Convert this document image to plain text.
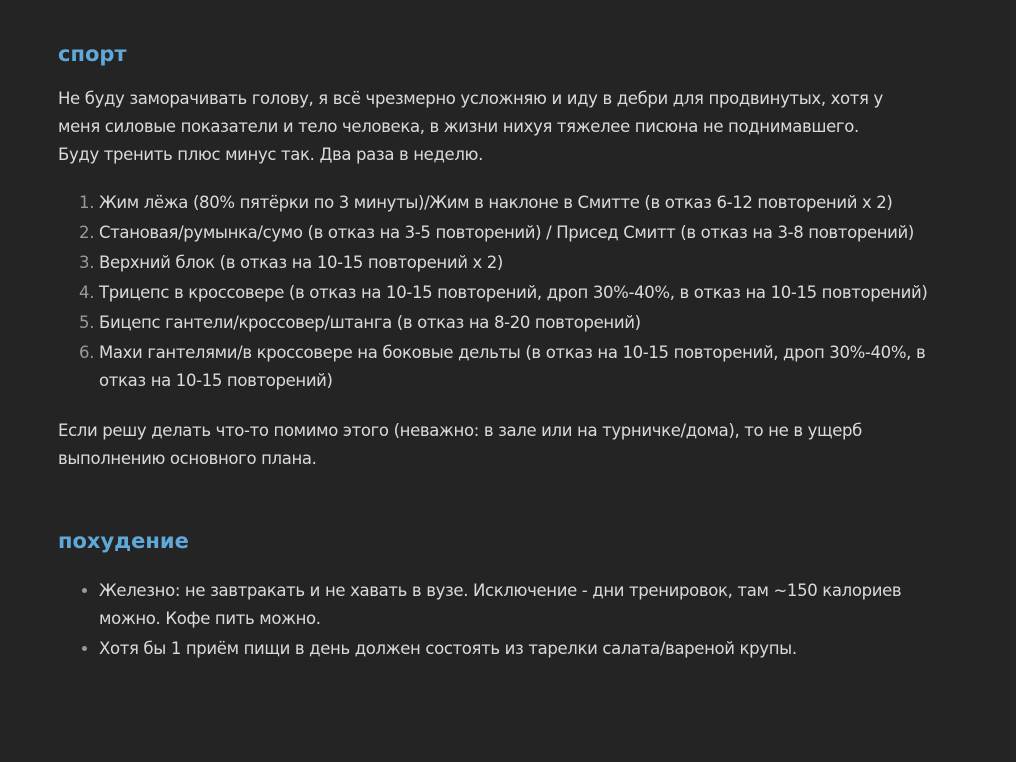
спорт

Не буду заморачивать голову, я всё чрезмерно усложняю и иду в дебри для продвинутых, хотя у
меня силовые показатели и тело человека, в жизни нихуя тяжелее писюна не поднимавшего.
Буду тренить плюс минус так. Два раза в неделю.

1. Жим лёжа (80% пятёрки по 3 минуты)/Жим в наклоне в Смитте (в отказ 6-12 повторений х 2)
2. Становая/румынка/сумо (в отказ на 3-5 повторений) / Присед Смитт (в отказ на 3-8 повторений)
3. Верхний блок (в отказ на 10-15 повторений х 2)
4. Трицепс в кроссовере (в отказ на 10-15 повторений, дроп 30%-40%, в отказ на 10-15 повторений)
5. Бицепс гантели/кроссовер/штанга (в отказ на 8-20 повторений)
6. Махи гантелями/в кроссовере на боковые дельты (в отказ на 10-15 повторений, дроп 30%-40%, в отказ на 10-15 повторений)

Если решу делать что-то помимо этого (неважно: в зале или на турничке/дома), то не в ущерб
выполнению основного плана.

похудение
• Железно: не завтракать и не хавать в вузе. Исключение - дни тренировок, там ~150 калориев можно. Кофе пить можно.
• Хотя бы 1 приём пищи в день должен состоять из тарелки салата/вареной крупы.
